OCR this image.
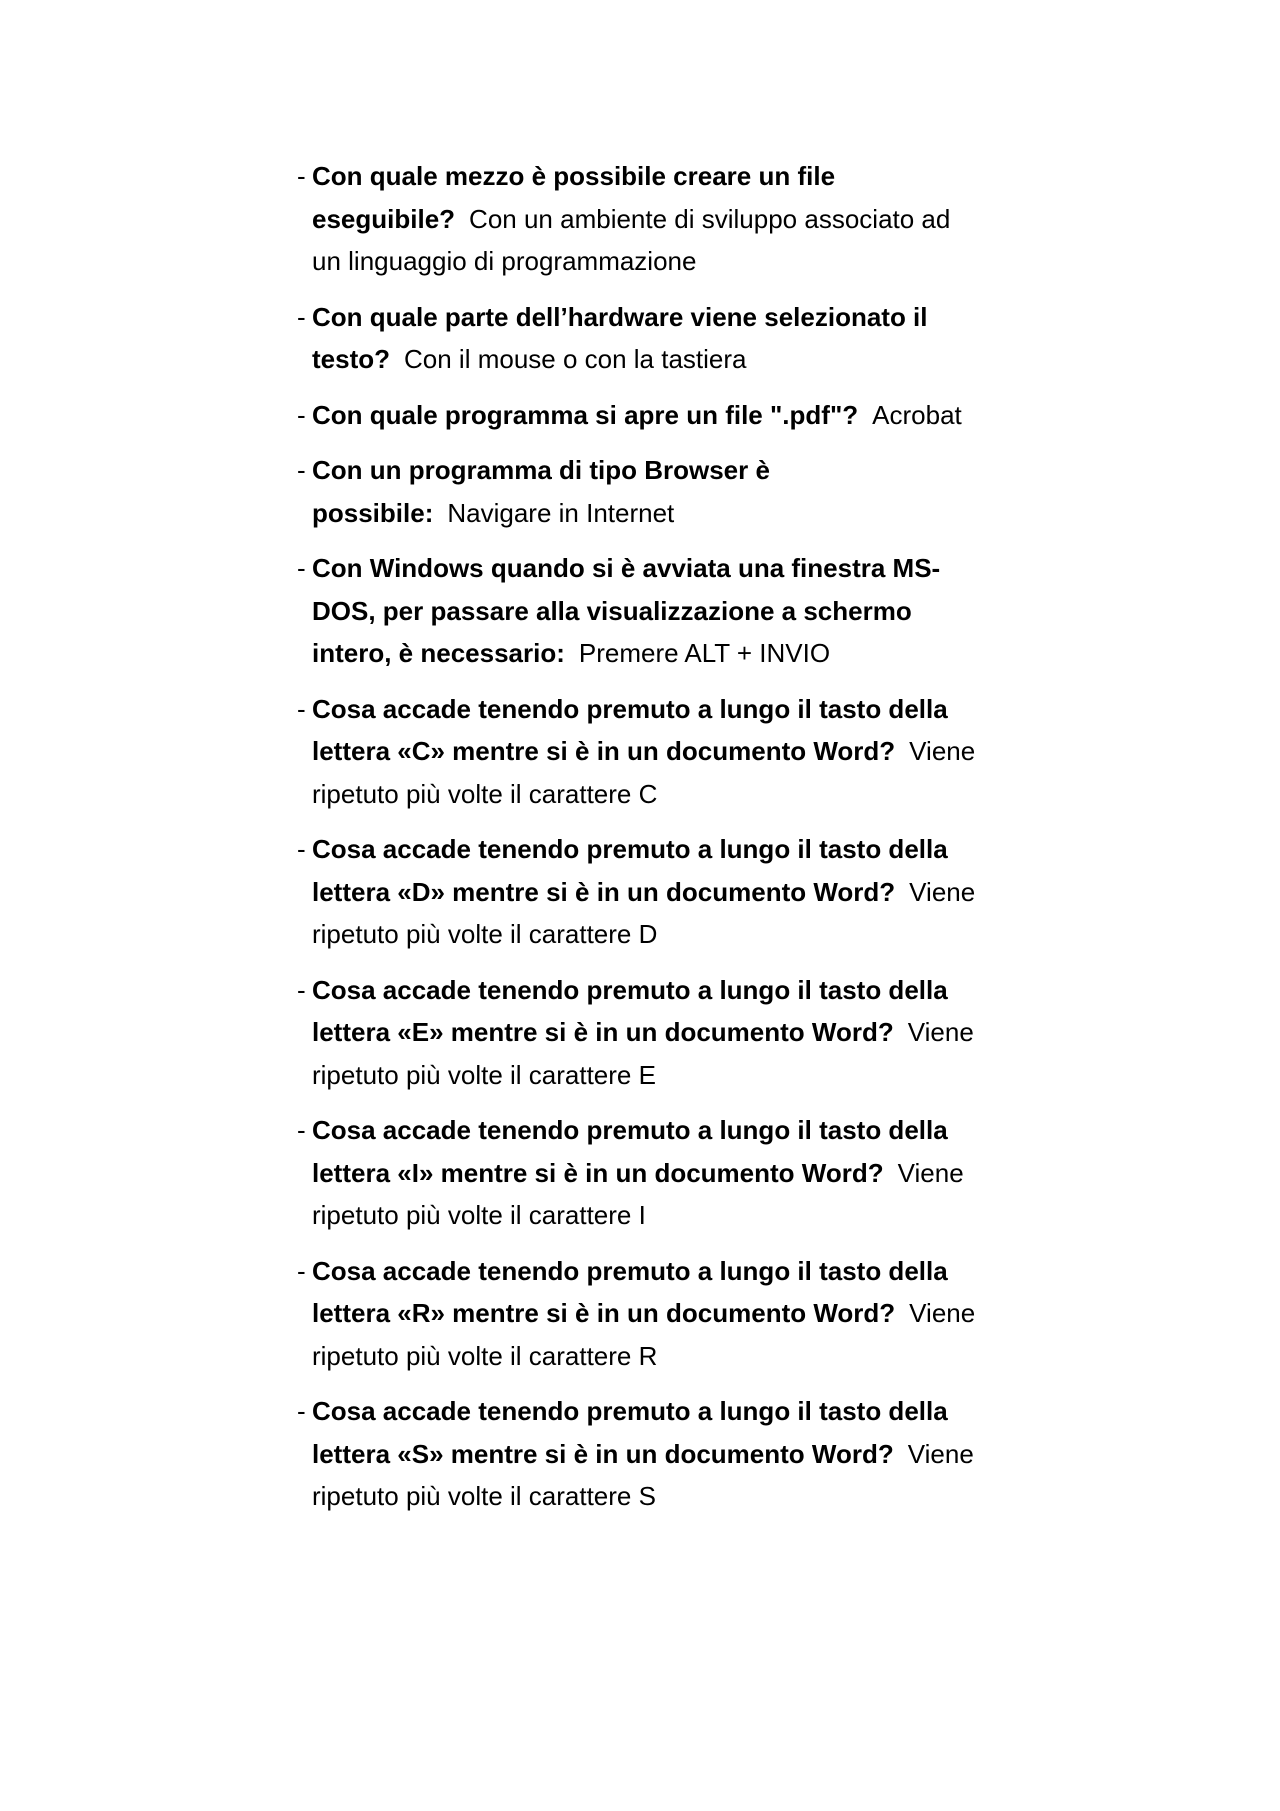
- Con quale mezzo è possibile creare un file eseguibile? Con un ambiente di sviluppo associato ad un linguaggio di programmazione
- Con quale parte dell’hardware viene selezionato il testo? Con il mouse o con la tastiera
- Con quale programma si apre un file ".pdf"? Acrobat
- Con un programma di tipo Browser è possibile: Navigare in Internet
- Con Windows quando si è avviata una finestra MS-DOS, per passare alla visualizzazione a schermo intero, è necessario: Premere ALT + INVIO
- Cosa accade tenendo premuto a lungo il tasto della lettera «C» mentre si è in un documento Word? Viene ripetuto più volte il carattere C
- Cosa accade tenendo premuto a lungo il tasto della lettera «D» mentre si è in un documento Word? Viene ripetuto più volte il carattere D
- Cosa accade tenendo premuto a lungo il tasto della lettera «E» mentre si è in un documento Word? Viene ripetuto più volte il carattere E
- Cosa accade tenendo premuto a lungo il tasto della lettera «I» mentre si è in un documento Word? Viene ripetuto più volte il carattere I
- Cosa accade tenendo premuto a lungo il tasto della lettera «R» mentre si è in un documento Word? Viene ripetuto più volte il carattere R
- Cosa accade tenendo premuto a lungo il tasto della lettera «S» mentre si è in un documento Word? Viene ripetuto più volte il carattere S
